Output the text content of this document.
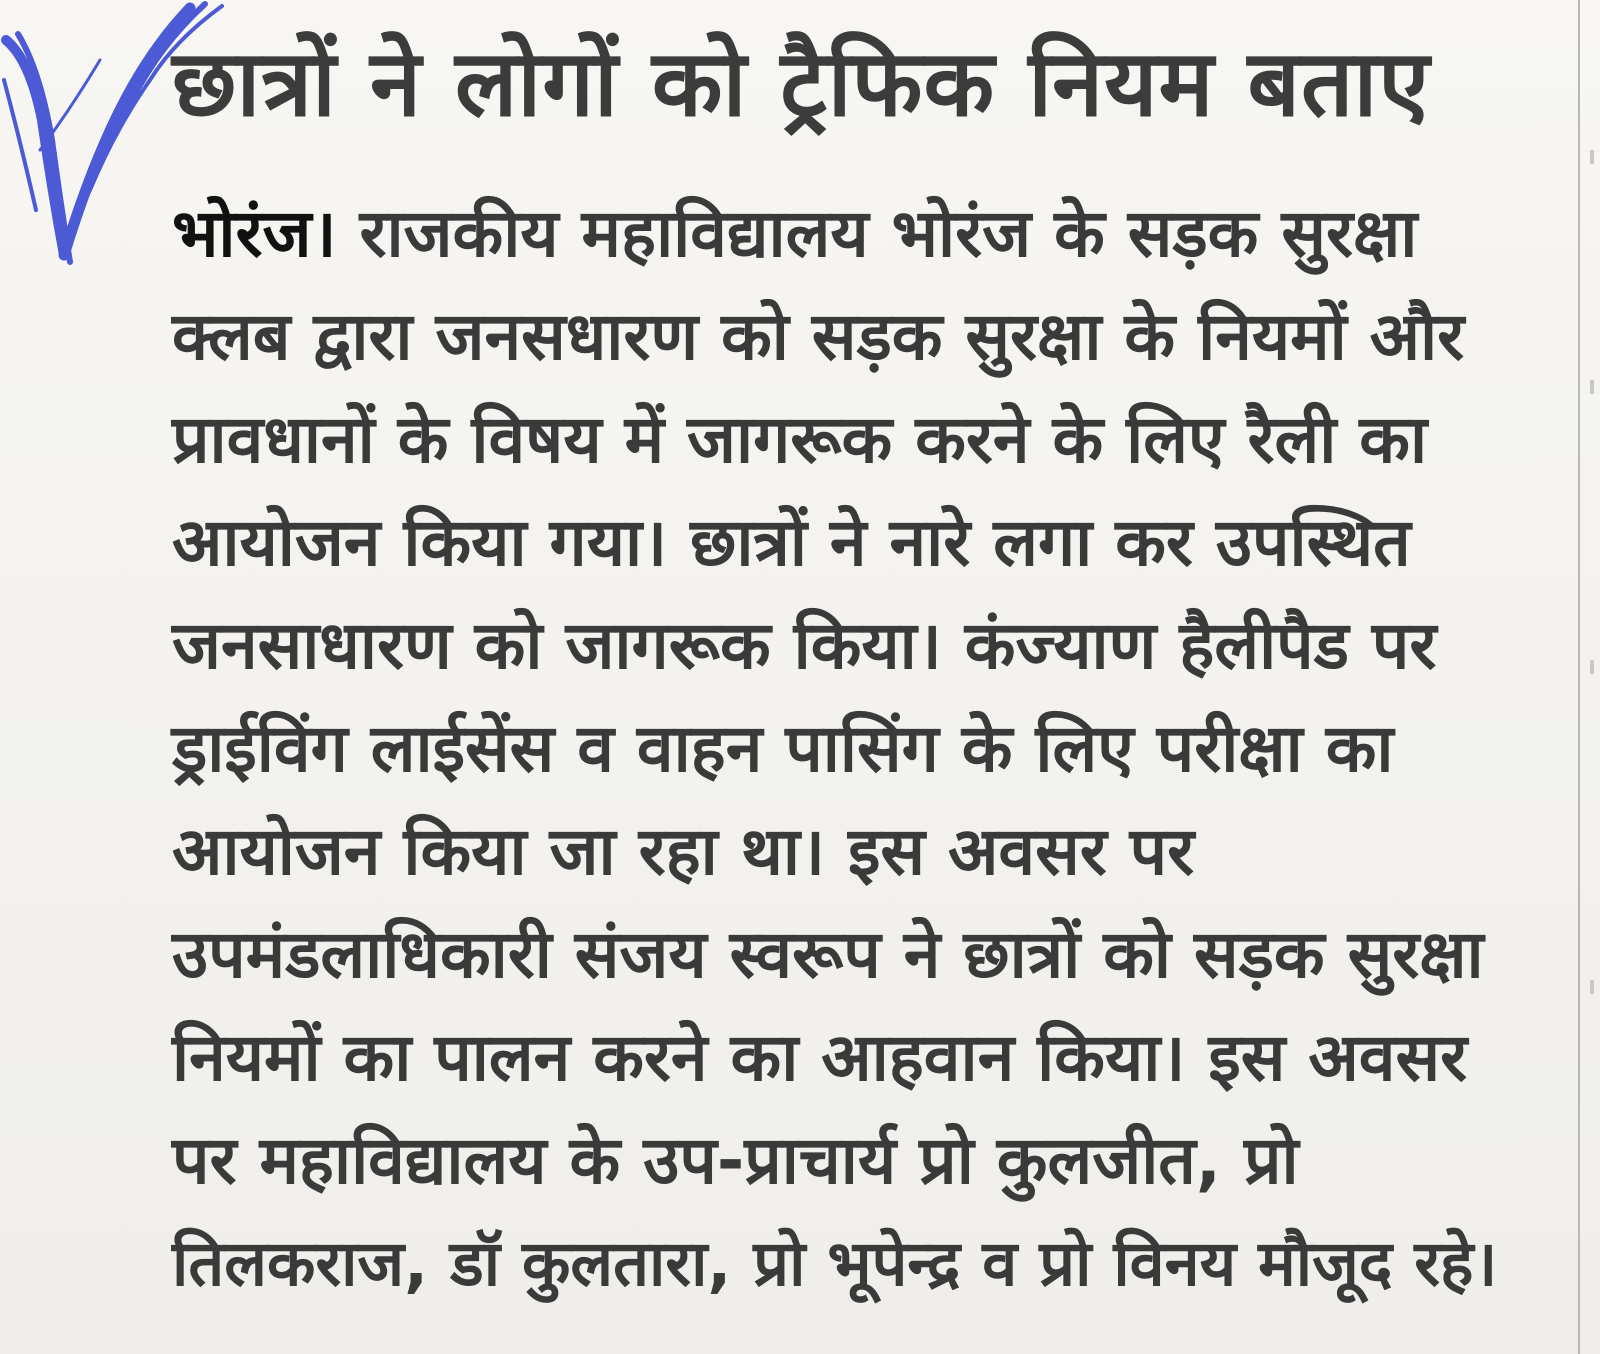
छात्रों ने लोगों को ट्रैफिक नियम बताए
भोरंज। राजकीय महाविद्यालय भोरंज के सड़क सुरक्षा
क्लब द्वारा जनसधारण को सड़क सुरक्षा के नियमों और
प्रावधानों के विषय में जागरूक करने के लिए रैली का
आयोजन किया गया। छात्रों ने नारे लगा कर उपस्थित
जनसाधारण को जागरूक किया। कंज्याण हैलीपैड पर
ड्राईविंग लाईसेंस व वाहन पासिंग के लिए परीक्षा का
आयोजन किया जा रहा था। इस अवसर पर
उपमंडलाधिकारी संजय स्वरूप ने छात्रों को सड़क सुरक्षा
नियमों का पालन करने का आहवान किया। इस अवसर
पर महाविद्यालय के उप-प्राचार्य प्रो कुलजीत, प्रो
तिलकराज, डॉ कुलतारा, प्रो भूपेन्द्र व प्रो विनय मौजूद रहे।
